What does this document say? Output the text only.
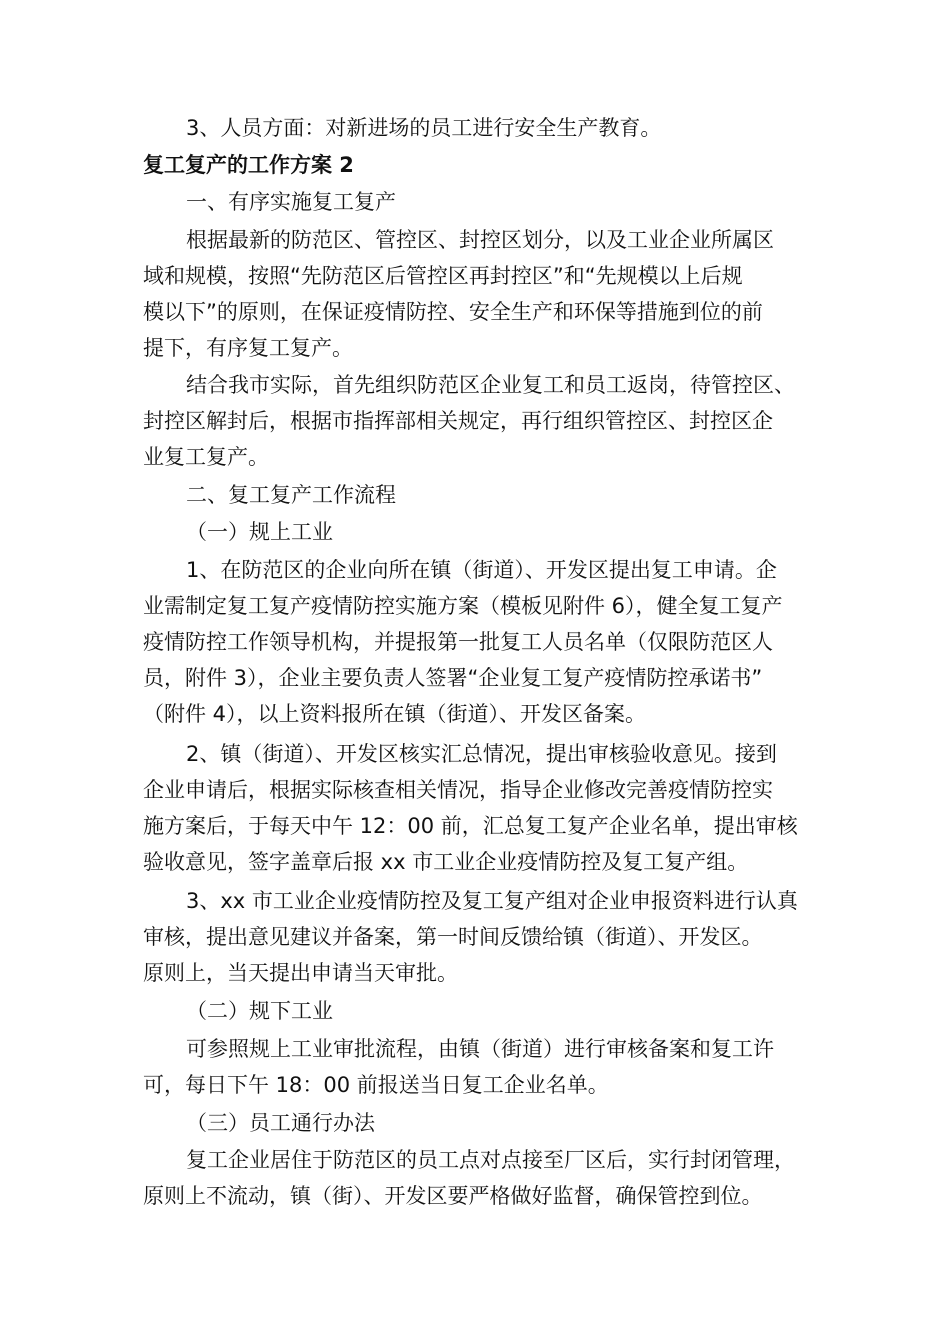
3、人员方面：对新进场的员工进行安全生产教育。
复工复产的工作方案 2
一、有序实施复工复产
根据最新的防范区、管控区、封控区划分，以及工业企业所属区
域和规模，按照“先防范区后管控区再封控区”和“先规模以上后规
模以下”的原则，在保证疫情防控、安全生产和环保等措施到位的前
提下，有序复工复产。
结合我市实际，首先组织防范区企业复工和员工返岗，待管控区、
封控区解封后，根据市指挥部相关规定，再行组织管控区、封控区企
业复工复产。
二、复工复产工作流程
（一）规上工业
1、在防范区的企业向所在镇（街道）、开发区提出复工申请。企
业需制定复工复产疫情防控实施方案（模板见附件 6），健全复工复产
疫情防控工作领导机构，并提报第一批复工人员名单（仅限防范区人
员，附件 3），企业主要负责人签署“企业复工复产疫情防控承诺书”
（附件 4），以上资料报所在镇（街道）、开发区备案。
2、镇（街道）、开发区核实汇总情况，提出审核验收意见。接到
企业申请后，根据实际核查相关情况，指导企业修改完善疫情防控实
施方案后，于每天中午 12：00 前，汇总复工复产企业名单，提出审核
验收意见，签字盖章后报 xx 市工业企业疫情防控及复工复产组。
3、xx 市工业企业疫情防控及复工复产组对企业申报资料进行认真
审核，提出意见建议并备案，第一时间反馈给镇（街道）、开发区。
原则上，当天提出申请当天审批。
（二）规下工业
可参照规上工业审批流程，由镇（街道）进行审核备案和复工许
可，每日下午 18：00 前报送当日复工企业名单。
（三）员工通行办法
复工企业居住于防范区的员工点对点接至厂区后，实行封闭管理，
原则上不流动，镇（街）、开发区要严格做好监督，确保管控到位。
